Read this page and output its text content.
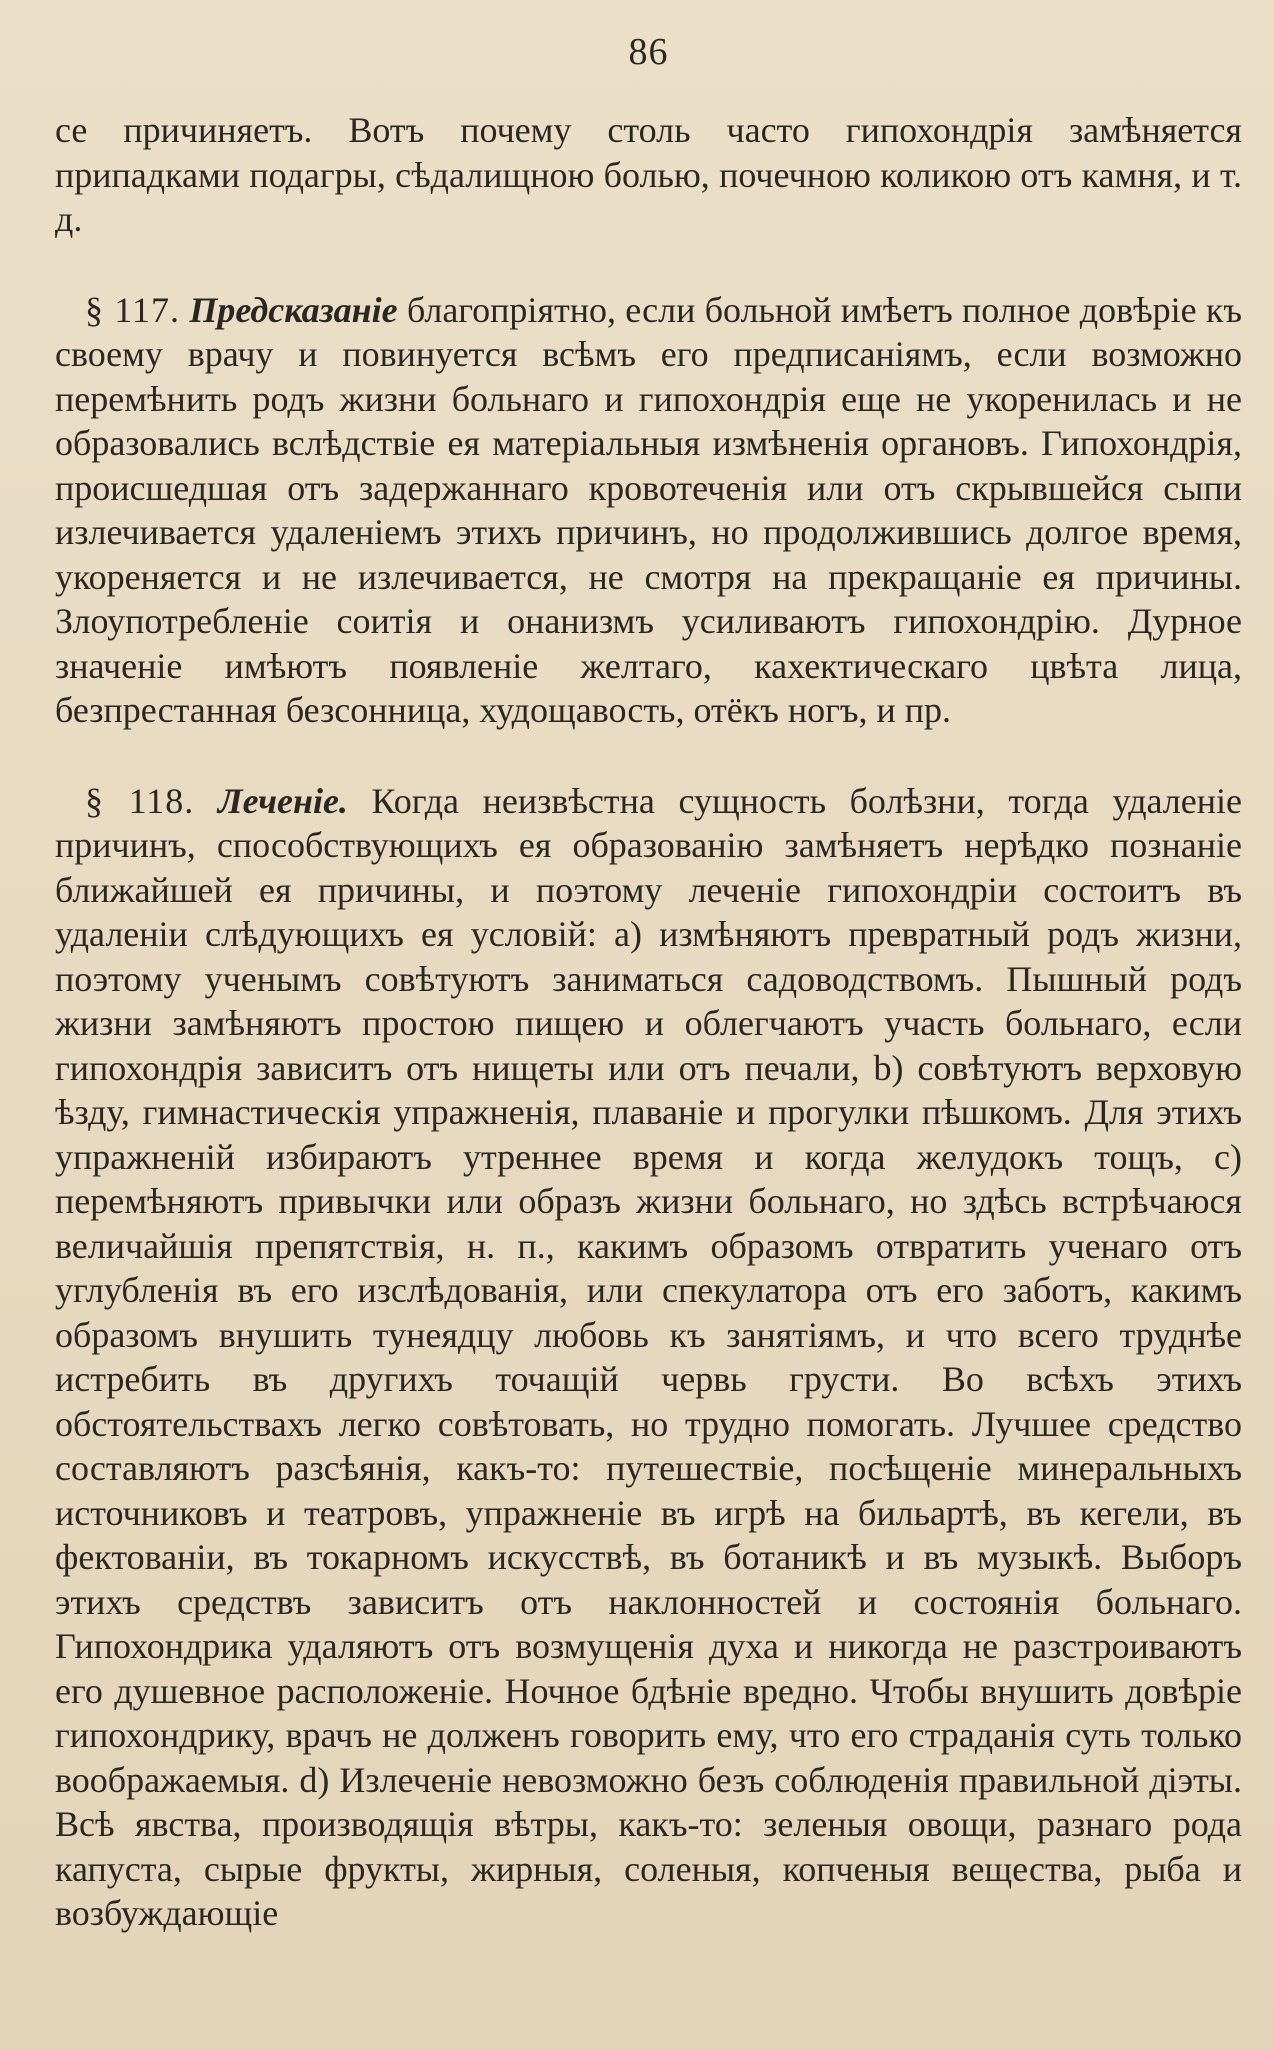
86

се причиняетъ. Вотъ почему столь часто гипохондрія замѣняется припадками подагры, сѣдалищною болью, почечною коликою отъ камня, и т. д.

§ 117. Предсказаніе благопріятно, если больной имѣетъ полное довѣріе къ своему врачу и повинуется всѣмъ его предписаніямъ, если возможно перемѣнить родъ жизни больнаго и гипохондрія еще не укоренилась и не образовались вслѣдствіе ея матеріальныя измѣненія органовъ. Гипохондрія, происшедшая отъ задержаннаго кровотеченія или отъ скрывшейся сыпи излечивается удаленіемъ этихъ причинъ, но продолжившись долгое время, укореняется и не излечивается, не смотря на прекращаніе ея причины. Злоупотребленіе соитія и онанизмъ усиливаютъ гипохондрію. Дурное значеніе имѣютъ появленіе желтаго, кахектическаго цвѣта лица, безпрестанная безсонница, худощавость, отёкъ ногъ, и пр.

§ 118. Леченіе. Когда неизвѣстна сущность болѣзни, тогда удаленіе причинъ, способствующихъ ея образованію замѣняетъ нерѣдко познаніе ближайшей ея причины, и поэтому леченіе гипохондріи состоитъ въ удаленіи слѣдующихъ ея условій: a) измѣняютъ превратный родъ жизни, поэтому ученымъ совѣтуютъ заниматься садоводствомъ. Пышный родъ жизни замѣняютъ простою пищею и облегчаютъ участь больнаго, если гипохондрія зависитъ отъ нищеты или отъ печали, b) совѣтуютъ верховую ѣзду, гимнастическія упражненія, плаваніе и прогулки пѣшкомъ. Для этихъ упражненій избираютъ утреннее время и когда желудокъ тощъ, c) перемѣняютъ привычки или образъ жизни больнаго, но здѣсь встрѣчаюся величайшія препятствія, н. п., какимъ образомъ отвратить ученаго отъ углубленія въ его изслѣдованія, или спекулатора отъ его заботъ, какимъ образомъ внушить тунеядцу любовь къ занятіямъ, и что всего труднѣе истребить въ другихъ точащій червь грусти. Во всѣхъ этихъ обстоятельствахъ легко совѣтовать, но трудно помогать. Лучшее средство составляютъ разсѣянія, какъ-то: путешествіе, посѣщеніе минеральныхъ источниковъ и театровъ, упражненіе въ игрѣ на бильартѣ, въ кегели, въ фектованіи, въ токарномъ искусствѣ, въ ботаникѣ и въ музыкѣ. Выборъ этихъ средствъ зависитъ отъ наклонностей и состоянія больнаго. Гипохондрика удаляютъ отъ возмущенія духа и никогда не разстроиваютъ его душевное расположеніе. Ночное бдѣніе вредно. Чтобы внушить довѣріе гипохондрику, врачъ не долженъ говорить ему, что его страданія суть только воображаемыя. d) Излеченіе невозможно безъ соблюденія правильной діэты. Всѣ явства, производящія вѣтры, какъ-то: зеленыя овощи, разнаго рода капуста, сырые фрукты, жирныя, соленыя, копченыя вещества, рыба и возбуждающіе
